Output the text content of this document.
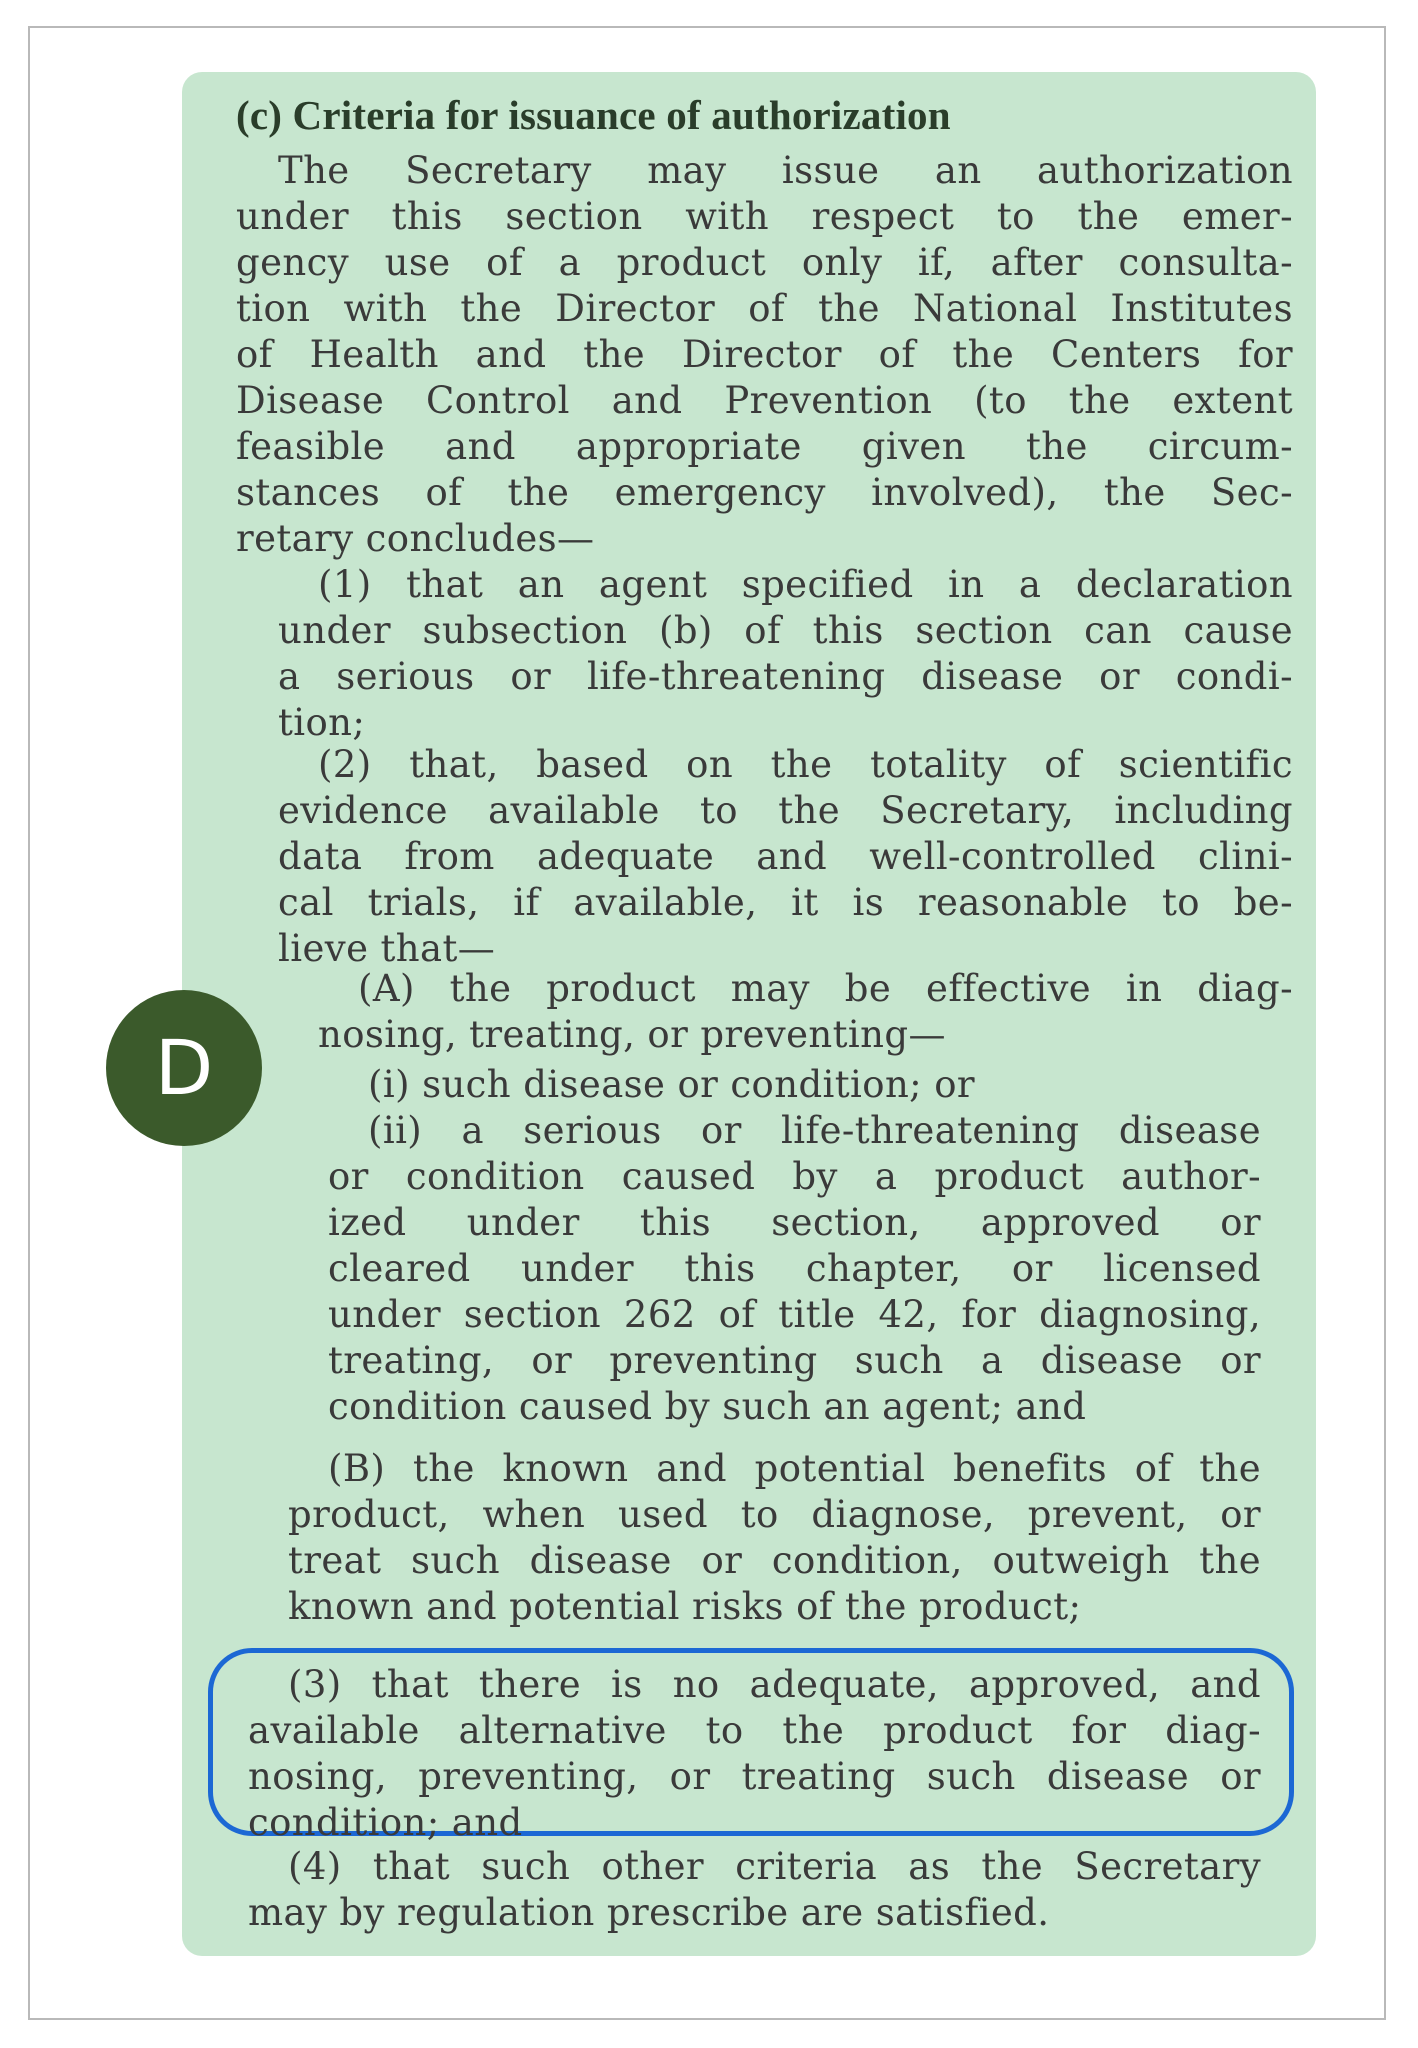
(c) Criteria for issuance of authorization
The Secretary may issue an authorization
under this section with respect to the emer-
gency use of a product only if, after consulta-
tion with the Director of the National Institutes
of Health and the Director of the Centers for
Disease Control and Prevention (to the extent
feasible and appropriate given the circum-
stances of the emergency involved), the Sec-
retary concludes—
(1) that an agent specified in a declaration
under subsection (b) of this section can cause
a serious or life-threatening disease or condi-
tion;
(2) that, based on the totality of scientific
evidence available to the Secretary, including
data from adequate and well-controlled clini-
cal trials, if available, it is reasonable to be-
lieve that—
(A) the product may be effective in diag-
nosing, treating, or preventing—
(i) such disease or condition; or
(ii) a serious or life-threatening disease
or condition caused by a product author-
ized under this section, approved or
cleared under this chapter, or licensed
under section 262 of title 42, for diagnosing,
treating, or preventing such a disease or
condition caused by such an agent; and
(B) the known and potential benefits of the
product, when used to diagnose, prevent, or
treat such disease or condition, outweigh the
known and potential risks of the product;
(3) that there is no adequate, approved, and
available alternative to the product for diag-
nosing, preventing, or treating such disease or
condition; and
(4) that such other criteria as the Secretary
may by regulation prescribe are satisfied.
D
